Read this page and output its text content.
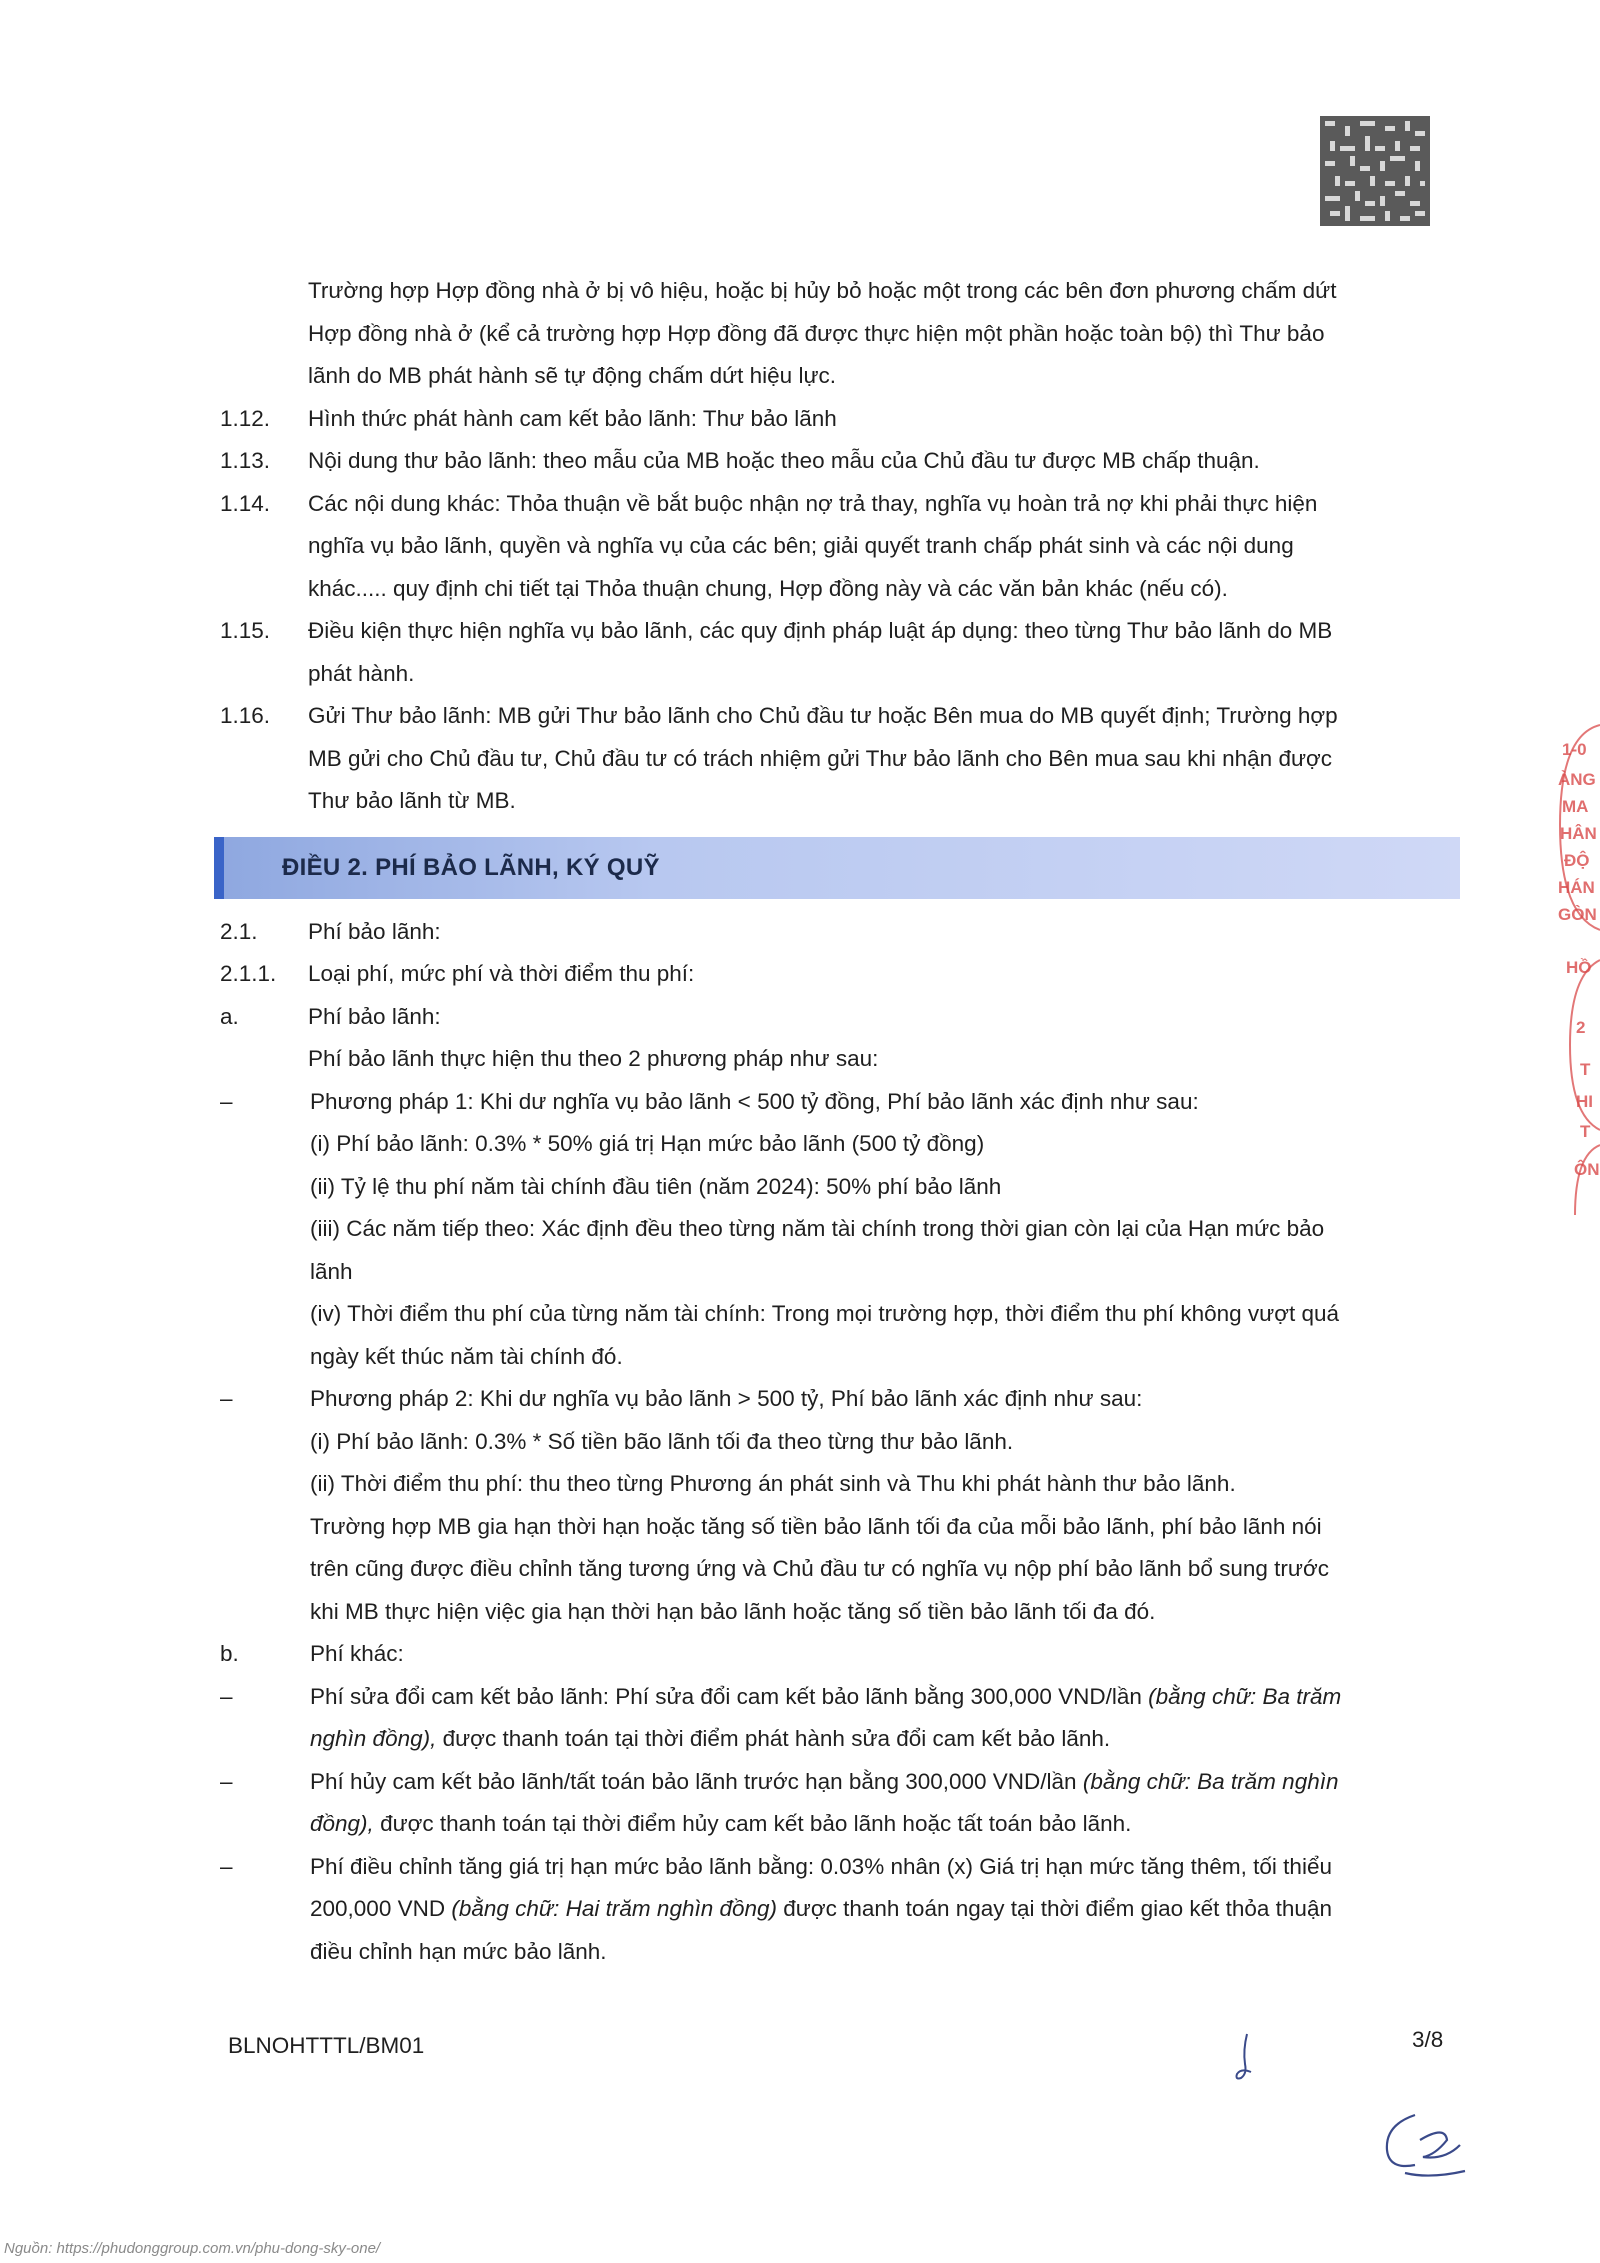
Trường hợp Hợp đồng nhà ở bị vô hiệu, hoặc bị hủy bỏ hoặc một trong các bên đơn phương chấm dứt
Hợp đồng nhà ở (kể cả trường hợp Hợp đồng đã được thực hiện một phần hoặc toàn bộ) thì Thư bảo
lãnh do MB phát hành sẽ tự động chấm dứt hiệu lực.
1.12. Hình thức phát hành cam kết bảo lãnh: Thư bảo lãnh
1.13. Nội dung thư bảo lãnh: theo mẫu của MB hoặc theo mẫu của Chủ đầu tư được MB chấp thuận.
1.14. Các nội dung khác: Thỏa thuận về bắt buộc nhận nợ trả thay, nghĩa vụ hoàn trả nợ khi phải thực hiện
nghĩa vụ bảo lãnh, quyền và nghĩa vụ của các bên; giải quyết tranh chấp phát sinh và các nội dung
khác..... quy định chi tiết tại Thỏa thuận chung, Hợp đồng này và các văn bản khác (nếu có).
1.15. Điều kiện thực hiện nghĩa vụ bảo lãnh, các quy định pháp luật áp dụng: theo từng Thư bảo lãnh do MB
phát hành.
1.16. Gửi Thư bảo lãnh: MB gửi Thư bảo lãnh cho Chủ đầu tư hoặc Bên mua do MB quyết định; Trường hợp
MB gửi cho Chủ đầu tư, Chủ đầu tư có trách nhiệm gửi Thư bảo lãnh cho Bên mua sau khi nhận được
Thư bảo lãnh từ MB.
ĐIỀU 2. PHÍ BẢO LÃNH, KÝ QUỸ
2.1. Phí bảo lãnh:
2.1.1. Loại phí, mức phí và thời điểm thu phí:
a.	Phí bảo lãnh:
Phí bảo lãnh thực hiện thu theo 2 phương pháp như sau:
–	Phương pháp 1: Khi dư nghĩa vụ bảo lãnh < 500 tỷ đồng, Phí bảo lãnh xác định như sau:
(i) Phí bảo lãnh: 0.3% * 50% giá trị Hạn mức bảo lãnh (500 tỷ đồng)
(ii) Tỷ lệ thu phí năm tài chính đầu tiên (năm 2024): 50% phí bảo lãnh
(iii) Các năm tiếp theo: Xác định đều theo từng năm tài chính trong thời gian còn lại của Hạn mức bảo
lãnh
(iv) Thời điểm thu phí của từng năm tài chính: Trong mọi trường hợp, thời điểm thu phí không vượt quá
ngày kết thúc năm tài chính đó.
–	Phương pháp 2: Khi dư nghĩa vụ bảo lãnh > 500 tỷ, Phí bảo lãnh xác định như sau:
(i) Phí bảo lãnh: 0.3% * Số tiền bão lãnh tối đa theo từng thư bảo lãnh.
(ii) Thời điểm thu phí: thu theo từng Phương án phát sinh và Thu khi phát hành thư bảo lãnh.
Trường hợp MB gia hạn thời hạn hoặc tăng số tiền bảo lãnh tối đa của mỗi bảo lãnh, phí bảo lãnh nói
trên cũng được điều chỉnh tăng tương ứng và Chủ đầu tư có nghĩa vụ nộp phí bảo lãnh bổ sung trước
khi MB thực hiện việc gia hạn thời hạn bảo lãnh hoặc tăng số tiền bảo lãnh tối đa đó.
b.	Phí khác:
–	Phí sửa đổi cam kết bảo lãnh: Phí sửa đổi cam kết bảo lãnh bằng 300,000 VND/lần (bằng chữ: Ba trăm
nghìn đồng), được thanh toán tại thời điểm phát hành sửa đổi cam kết bảo lãnh.
–	Phí hủy cam kết bảo lãnh/tất toán bảo lãnh trước hạn bằng 300,000 VND/lần (bằng chữ: Ba trăm nghìn
đồng), được thanh toán tại thời điểm hủy cam kết bảo lãnh hoặc tất toán bảo lãnh.
–	Phí điều chỉnh tăng giá trị hạn mức bảo lãnh bằng: 0.03% nhân (x) Giá trị hạn mức tăng thêm, tối thiểu
200,000 VND (bằng chữ: Hai trăm nghìn đồng) được thanh toán ngay tại thời điểm giao kết thỏa thuận
điều chỉnh hạn mức bảo lãnh.
1-0
ÀNG
MA
HÂN
ĐỘ
HÁN
GÒN
HỒ
2
T
HI
T
ÔN
BLNOHTTTL/BM01	3/8
Nguồn: https://phudonggroup.com.vn/phu-dong-sky-one/
